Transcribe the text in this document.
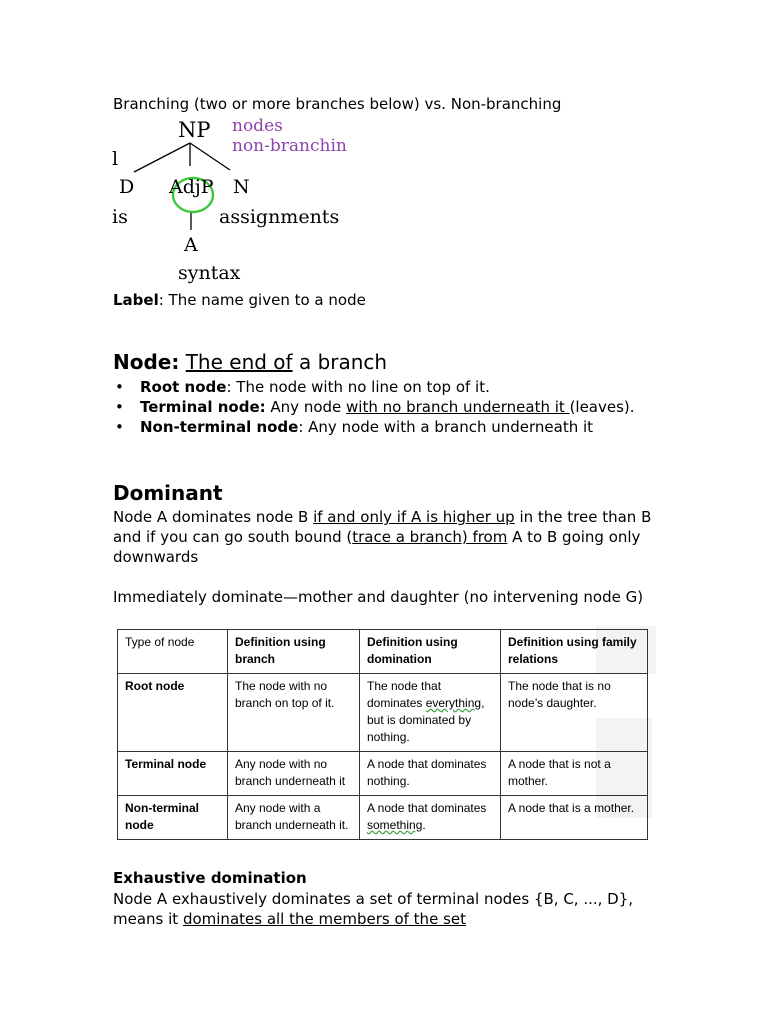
Branching (two or more branches below) vs. Non-branching
NP nodes
non-branchin
l
D AdjP N
is	assignments
A
syntax
Label: The name given to a node
Node: The end of a branch
• Root node: The node with no line on top of it.
• Terminal node: Any node with no branch underneath it (leaves).
• Non-terminal node: Any node with a branch underneath it
Dominant
Node A dominates node B if and only if A is higher up in the tree than B
and if you can go south bound (trace a branch) from A to B going only
downwards
Immediately dominate—mother and daughter (no intervening node G)
Type of node	Definition using branch	Definition using domination	Definition using family relations
Root node	The node with no branch on top of it.	The node that dominates everything, but is dominated by nothing.	The node that is no node’s daughter.
Terminal node	Any node with no branch underneath it	A node that dominates nothing.	A node that is not a mother.
Non-terminal node	Any node with a branch underneath it.	A node that dominates something.	A node that is a mother.
Exhaustive domination
Node A exhaustively dominates a set of terminal nodes {B, C, ..., D},
means it dominates all the members of the set
